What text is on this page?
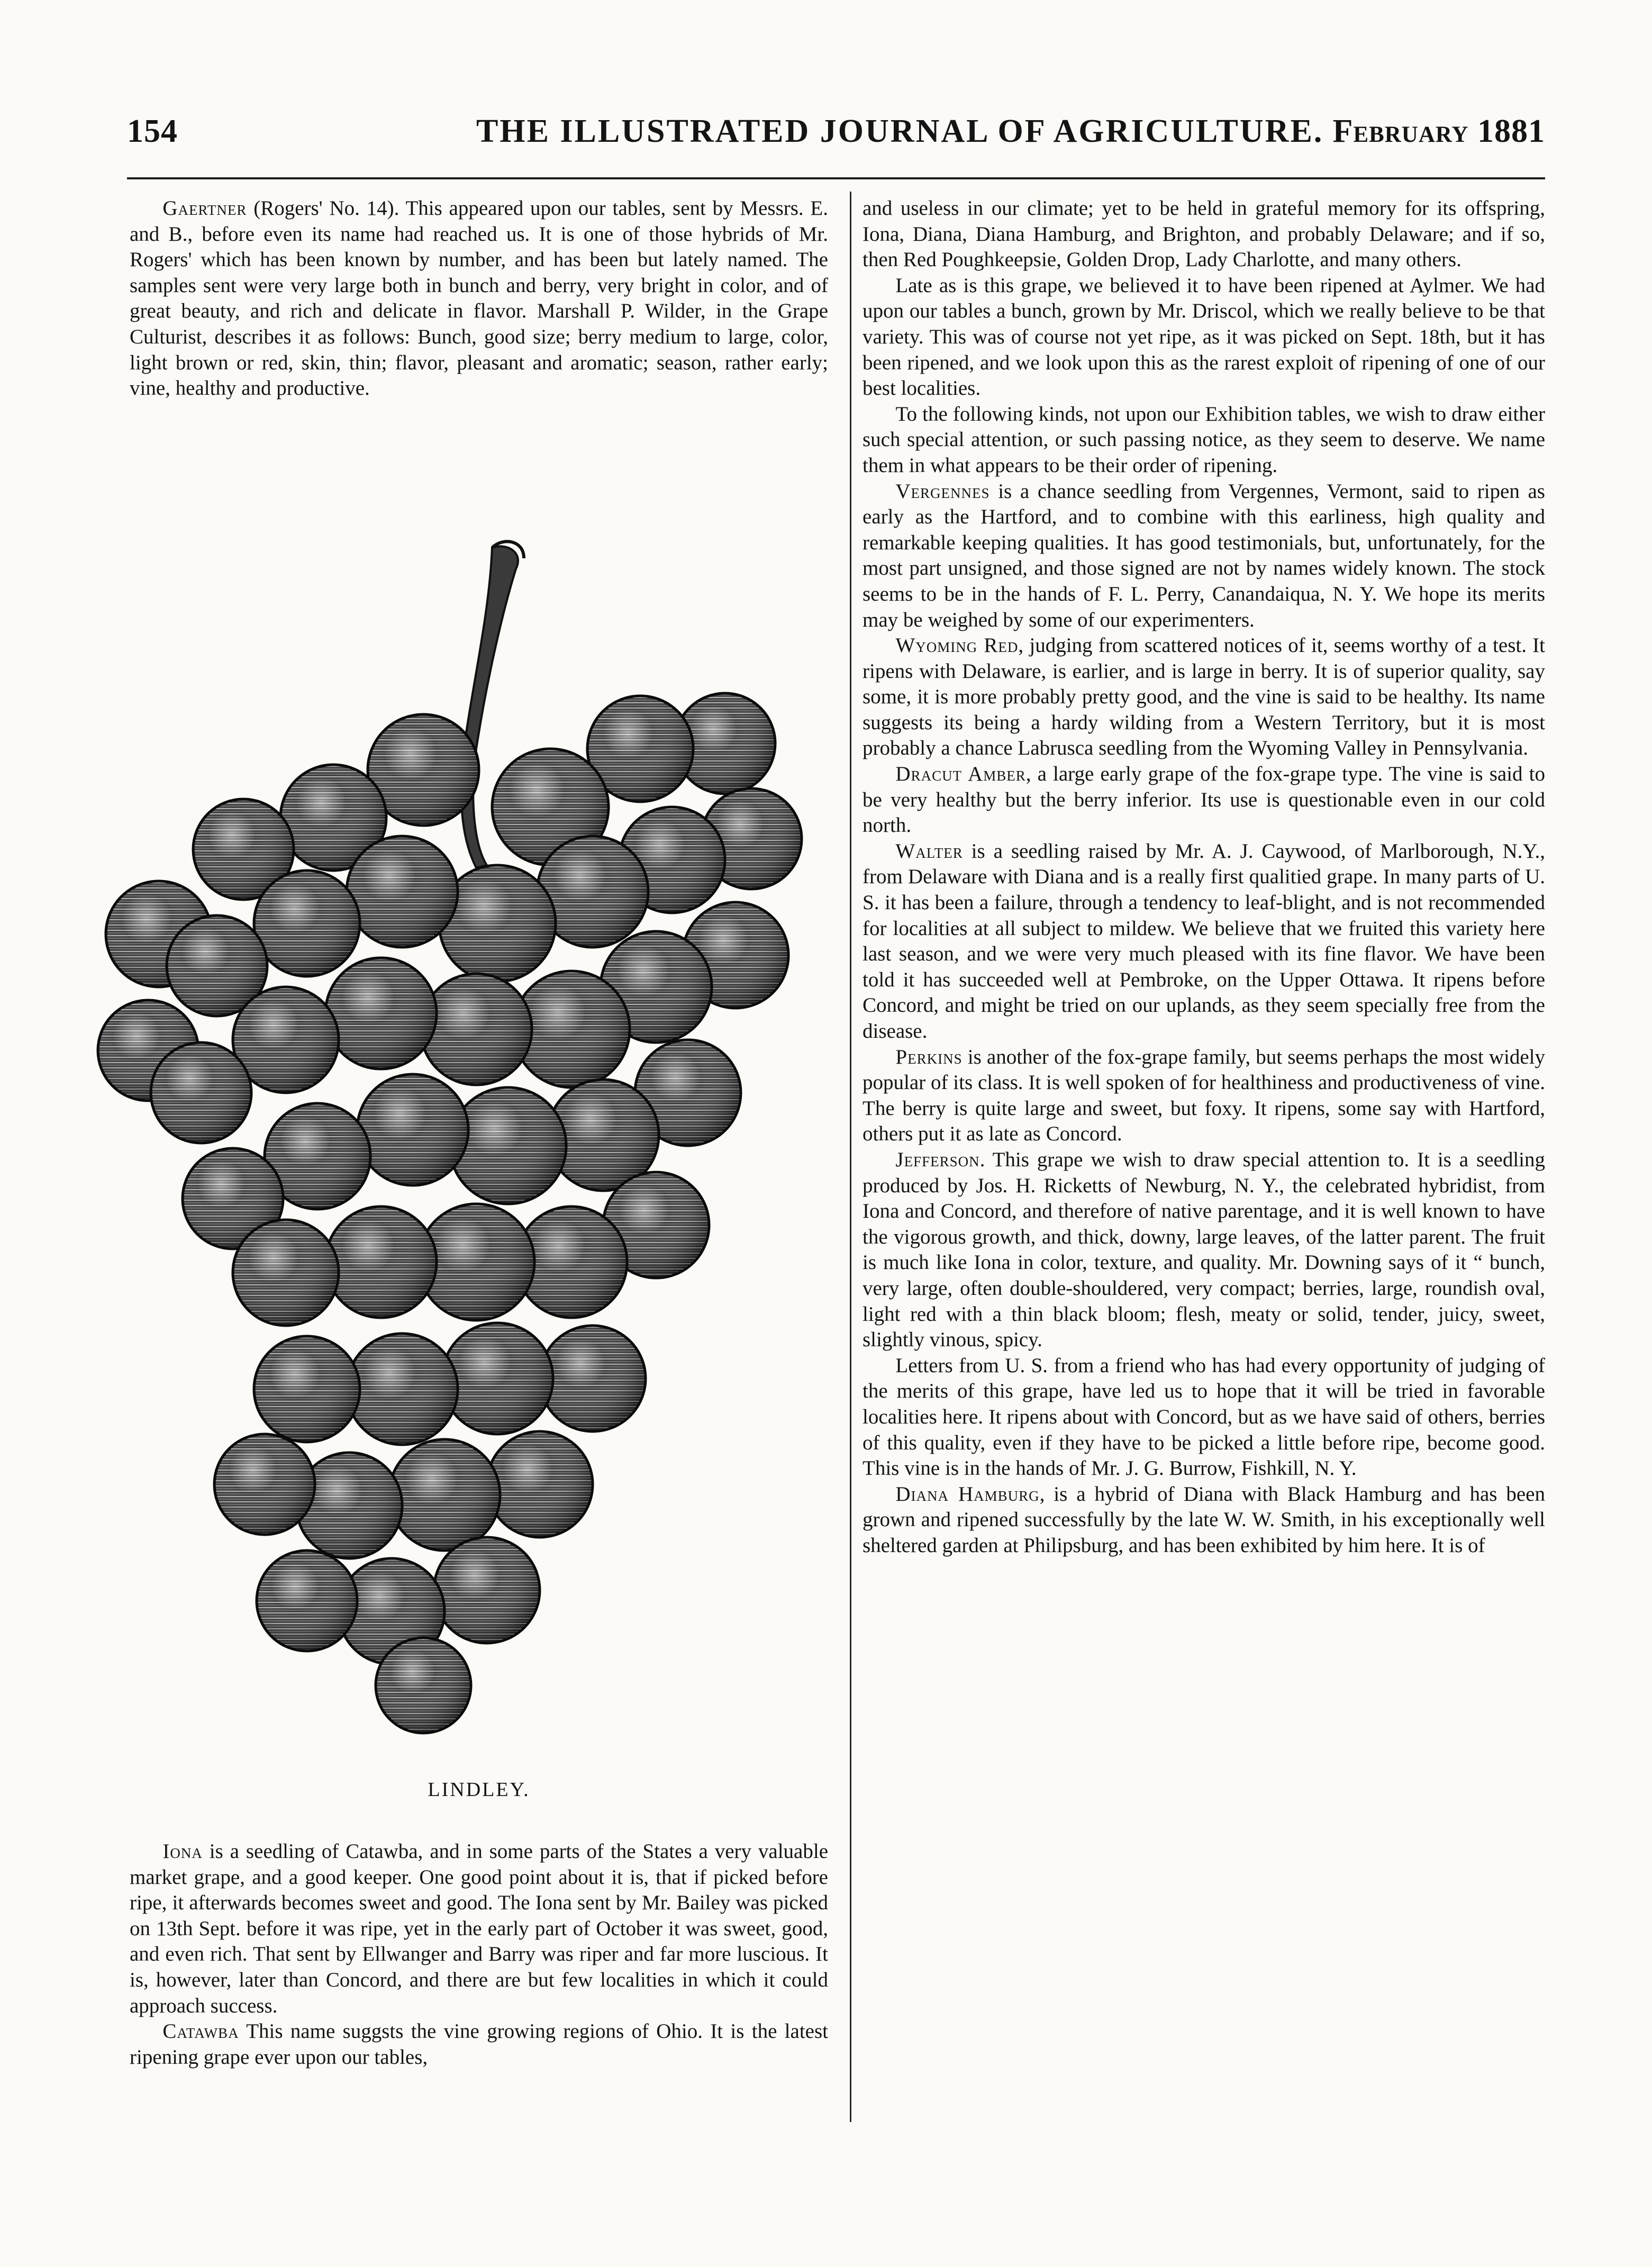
154	THE ILLUSTRATED JOURNAL OF AGRICULTURE. February 1881

Gaertner (Rogers' No. 14). This appeared upon our tables, sent by Messrs. E. and B., before even its name had reached us. It is one of those hybrids of Mr. Rogers' which has been known by number, and has been but lately named. The samples sent were very large both in bunch and berry, very bright in color, and of great beauty, and rich and delicate in flavor. Marshall P. Wilder, in the Grape Culturist, describes it as follows: Bunch, good size; berry medium to large, color, light brown or red, skin, thin; flavor, pleasant and aromatic; season, rather early; vine, healthy and productive.

LINDLEY.

Iona is a seedling of Catawba, and in some parts of the States a very valuable market grape, and a good keeper. One good point about it is, that if picked before ripe, it afterwards becomes sweet and good. The Iona sent by Mr. Bailey was picked on 13th Sept. before it was ripe, yet in the early part of October it was sweet, good, and even rich. That sent by Ellwanger and Barry was riper and far more luscious. It is, however, later than Concord, and there are but few localities in which it could approach success.

Catawba This name suggsts the vine growing regions of Ohio. It is the latest ripening grape ever upon our tables,

and useless in our climate; yet to be held in grateful memory for its offspring, Iona, Diana, Diana Hamburg, and Brighton, and probably Delaware; and if so, then Red Poughkeepsie, Golden Drop, Lady Charlotte, and many others.

Late as is this grape, we believed it to have been ripened at Aylmer. We had upon our tables a bunch, grown by Mr. Driscol, which we really believe to be that variety. This was of course not yet ripe, as it was picked on Sept. 18th, but it has been ripened, and we look upon this as the rarest exploit of ripening of one of our best localities.

To the following kinds, not upon our Exhibition tables, we wish to draw either such special attention, or such passing notice, as they seem to deserve. We name them in what appears to be their order of ripening.

Vergennes is a chance seedling from Vergennes, Vermont, said to ripen as early as the Hartford, and to combine with this earliness, high quality and remarkable keeping qualities. It has good testimonials, but, unfortunately, for the most part unsigned, and those signed are not by names widely known. The stock seems to be in the hands of F. L. Perry, Canandaiqua, N. Y. We hope its merits may be weighed by some of our experimenters.

Wyoming Red, judging from scattered notices of it, seems worthy of a test. It ripens with Delaware, is earlier, and is large in berry. It is of superior quality, say some, it is more probably pretty good, and the vine is said to be healthy. Its name suggests its being a hardy wilding from a Western Territory, but it is most probably a chance Labrusca seedling from the Wyoming Valley in Pennsylvania.

Dracut Amber, a large early grape of the fox-grape type. The vine is said to be very healthy but the berry inferior. Its use is questionable even in our cold north.

Walter is a seedling raised by Mr. A. J. Caywood, of Marlborough, N.Y., from Delaware with Diana and is a really first qualitied grape. In many parts of U. S. it has been a failure, through a tendency to leaf-blight, and is not recommended for localities at all subject to mildew. We believe that we fruited this variety here last season, and we were very much pleased with its fine flavor. We have been told it has succeeded well at Pembroke, on the Upper Ottawa. It ripens before Concord, and might be tried on our uplands, as they seem specially free from the disease.

Perkins is another of the fox-grape family, but seems perhaps the most widely popular of its class. It is well spoken of for healthiness and productiveness of vine. The berry is quite large and sweet, but foxy. It ripens, some say with Hartford, others put it as late as Concord.

Jefferson. This grape we wish to draw special attention to. It is a seedling produced by Jos. H. Ricketts of Newburg, N. Y., the celebrated hybridist, from Iona and Concord, and therefore of native parentage, and it is well known to have the vigorous growth, and thick, downy, large leaves, of the latter parent. The fruit is much like Iona in color, texture, and quality. Mr. Downing says of it “ bunch, very large, often double-shouldered, very compact; berries, large, roundish oval, light red with a thin black bloom; flesh, meaty or solid, tender, juicy, sweet, slightly vinous, spicy.

Letters from U. S. from a friend who has had every opportunity of judging of the merits of this grape, have led us to hope that it will be tried in favorable localities here. It ripens about with Concord, but as we have said of others, berries of this quality, even if they have to be picked a little before ripe, become good. This vine is in the hands of Mr. J. G. Burrow, Fishkill, N. Y.

Diana Hamburg, is a hybrid of Diana with Black Hamburg and has been grown and ripened successfully by the late W. W. Smith, in his exceptionally well sheltered garden at Philipsburg, and has been exhibited by him here. It is of
